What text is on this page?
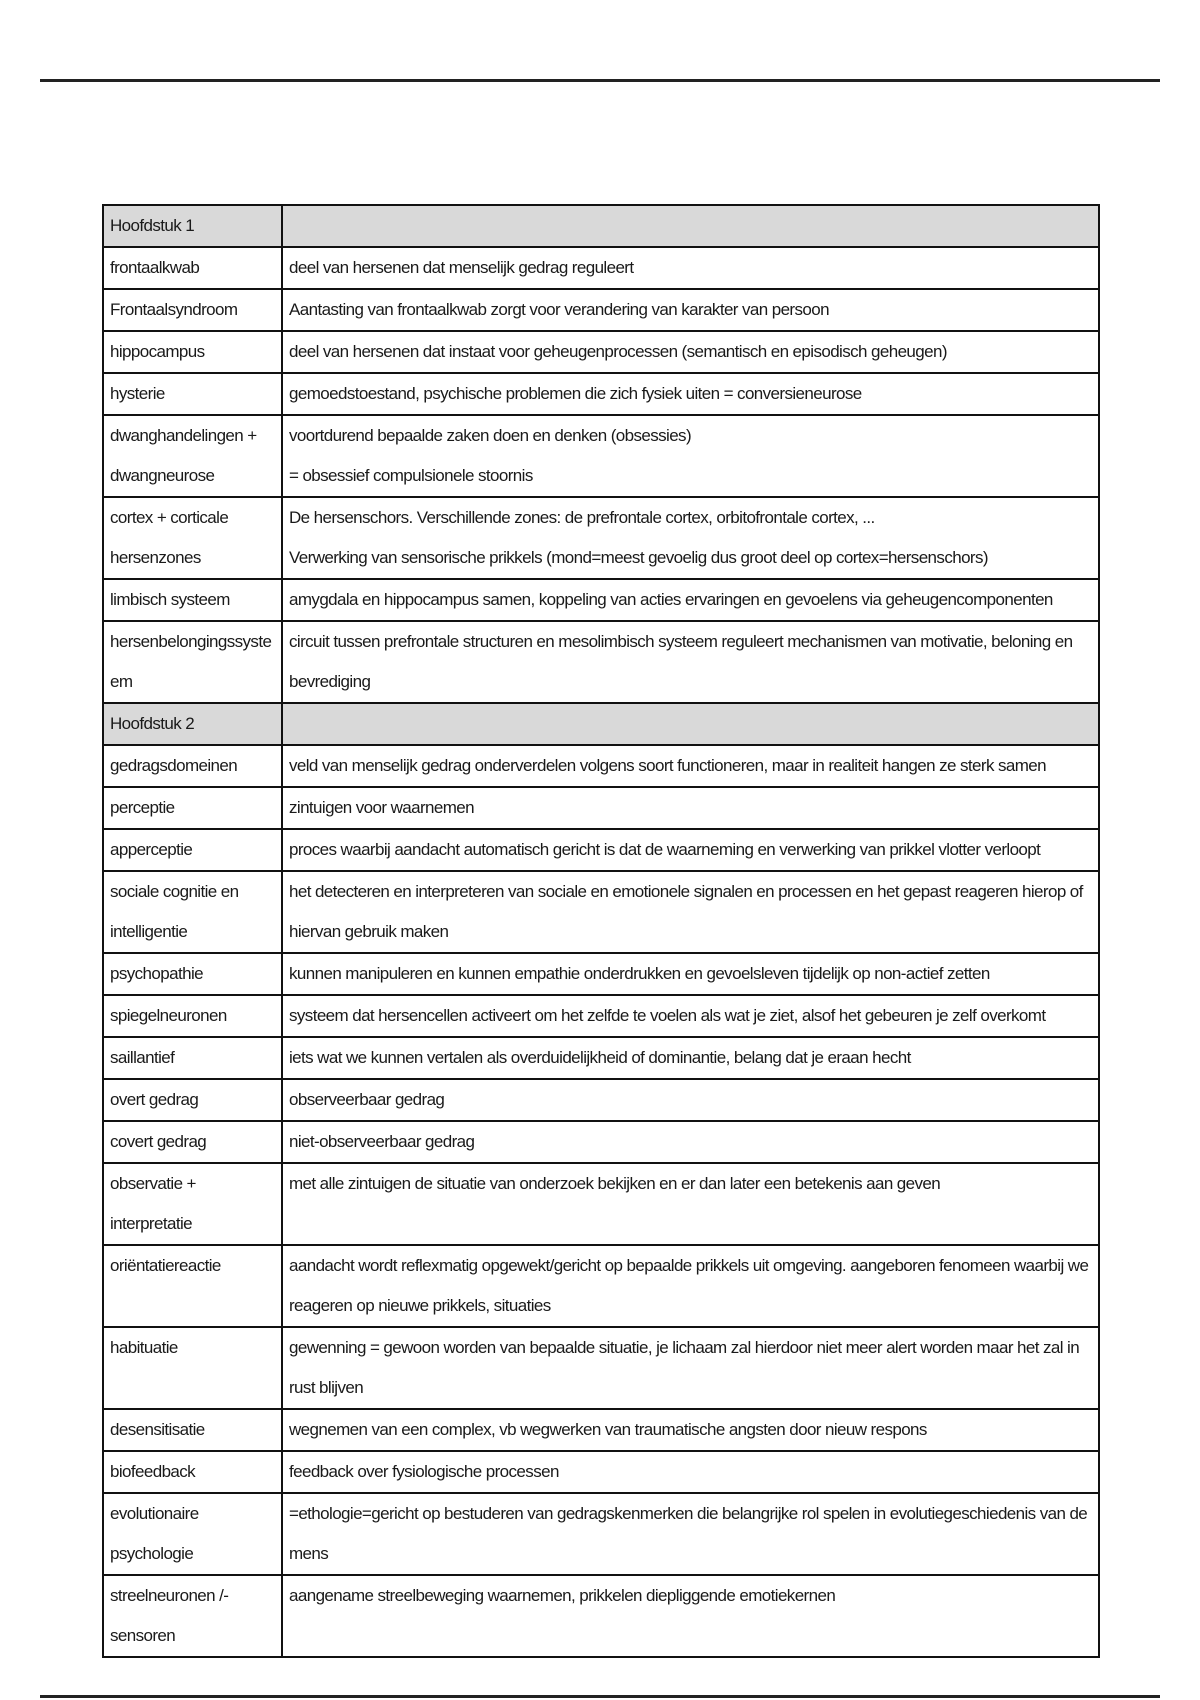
Hoofdstuk 1	

frontaalkwab	deel van hersenen dat menselijk gedrag reguleert

Frontaalsyndroom	Aantasting van frontaalkwab zorgt voor verandering van karakter van persoon

hippocampus	deel van hersenen dat instaat voor geheugenprocessen (semantisch en episodisch geheugen)

hysterie	gemoedstoestand, psychische problemen die zich fysiek uiten = conversieneurose

dwanghandelingen + dwangneurose	voortdurend bepaalde zaken doen en denken (obsessies)
= obsessief compulsionele stoornis

cortex + corticale hersenzones	De hersenschors. Verschillende zones: de prefrontale cortex, orbitofrontale cortex, ...
Verwerking van sensorische prikkels (mond=meest gevoelig dus groot deel op cortex=hersenschors)

limbisch systeem	amygdala en hippocampus samen, koppeling van acties ervaringen en gevoelens via geheugencomponenten

hersenbelongingssysteem	circuit tussen prefrontale structuren en mesolimbisch systeem reguleert mechanismen van motivatie, beloning en bevrediging

Hoofdstuk 2	

gedragsdomeinen	veld van menselijk gedrag onderverdelen volgens soort functioneren, maar in realiteit hangen ze sterk samen

perceptie	zintuigen voor waarnemen

apperceptie	proces waarbij aandacht automatisch gericht is dat de waarneming en verwerking van prikkel vlotter verloopt

sociale cognitie en intelligentie	het detecteren en interpreteren van sociale en emotionele signalen en processen en het gepast reageren hierop of hiervan gebruik maken

psychopathie	kunnen manipuleren en kunnen empathie onderdrukken en gevoelsleven tijdelijk op non-actief zetten

spiegelneuronen	systeem dat hersencellen activeert om het zelfde te voelen als wat je ziet, alsof het gebeuren je zelf overkomt

saillantief	iets wat we kunnen vertalen als overduidelijkheid of dominantie, belang dat je eraan hecht

overt gedrag	observeerbaar gedrag

covert gedrag	niet-observeerbaar gedrag

observatie + interpretatie	met alle zintuigen de situatie van onderzoek bekijken en er dan later een betekenis aan geven

oriëntatiereactie	aandacht wordt reflexmatig opgewekt/gericht op bepaalde prikkels uit omgeving. aangeboren fenomeen waarbij we reageren op nieuwe prikkels, situaties

habituatie	gewenning = gewoon worden van bepaalde situatie, je lichaam zal hierdoor niet meer alert worden maar het zal in rust blijven

desensitisatie	wegnemen van een complex, vb wegwerken van traumatische angsten door nieuw respons

biofeedback	feedback over fysiologische processen

evolutionaire psychologie	=ethologie=gericht op bestuderen van gedragskenmerken die belangrijke rol spelen in evolutiegeschiedenis van de mens

streelneuronen /-sensoren	aangename streelbeweging waarnemen, prikkelen diepliggende emotiekernen
